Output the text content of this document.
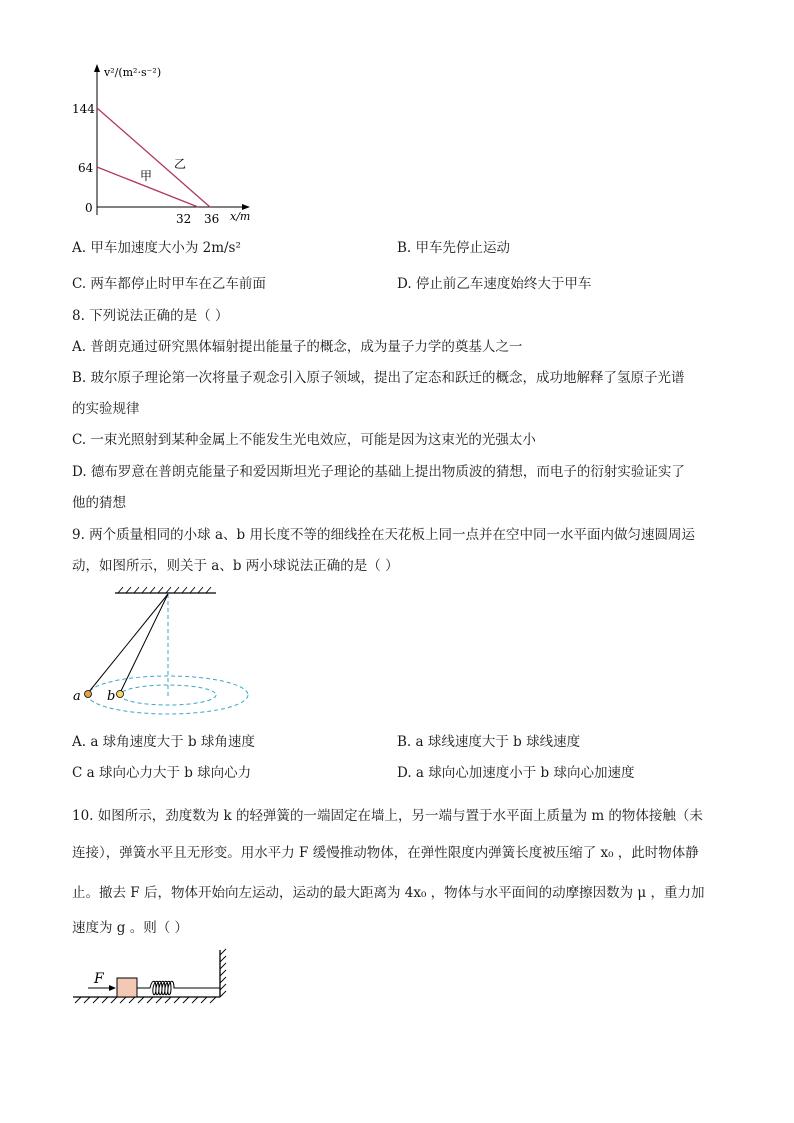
v²/(m²·s⁻²)
144
64
0
32 36 x/m
甲
乙
A. 甲车加速度大小为 2m/s²	B. 甲车先停止运动
C. 两车都停止时甲车在乙车前面	D. 停止前乙车速度始终大于甲车
8. 下列说法正确的是（ ）
A. 普朗克通过研究黑体辐射提出能量子的概念，成为量子力学的奠基人之一
B. 玻尔原子理论第一次将量子观念引入原子领域，提出了定态和跃迁的概念，成功地解释了氢原子光谱
的实验规律
C. 一束光照射到某种金属上不能发生光电效应，可能是因为这束光的光强太小
D. 德布罗意在普朗克能量子和爱因斯坦光子理论的基础上提出物质波的猜想，而电子的衍射实验证实了
他的猜想
9. 两个质量相同的小球 a、b 用长度不等的细线拴在天花板上同一点并在空中同一水平面内做匀速圆周运
动，如图所示，则关于 a、b 两小球说法正确的是（ ）
a b
A. a 球角速度大于 b 球角速度	B. a 球线速度大于 b 球线速度
C a 球向心力大于 b 球向心力	D. a 球向心加速度小于 b 球向心加速度
10. 如图所示，劲度数为 k 的轻弹簧的一端固定在墙上，另一端与置于水平面上质量为 m 的物体接触（未
连接），弹簧水平且无形变。用水平力 F 缓慢推动物体，在弹性限度内弹簧长度被压缩了 x₀ ，此时物体静
止。撤去 F 后，物体开始向左运动，运动的最大距离为 4x₀ ，物体与水平面间的动摩擦因数为 μ ，重力加
速度为 g 。则（ ）
F
